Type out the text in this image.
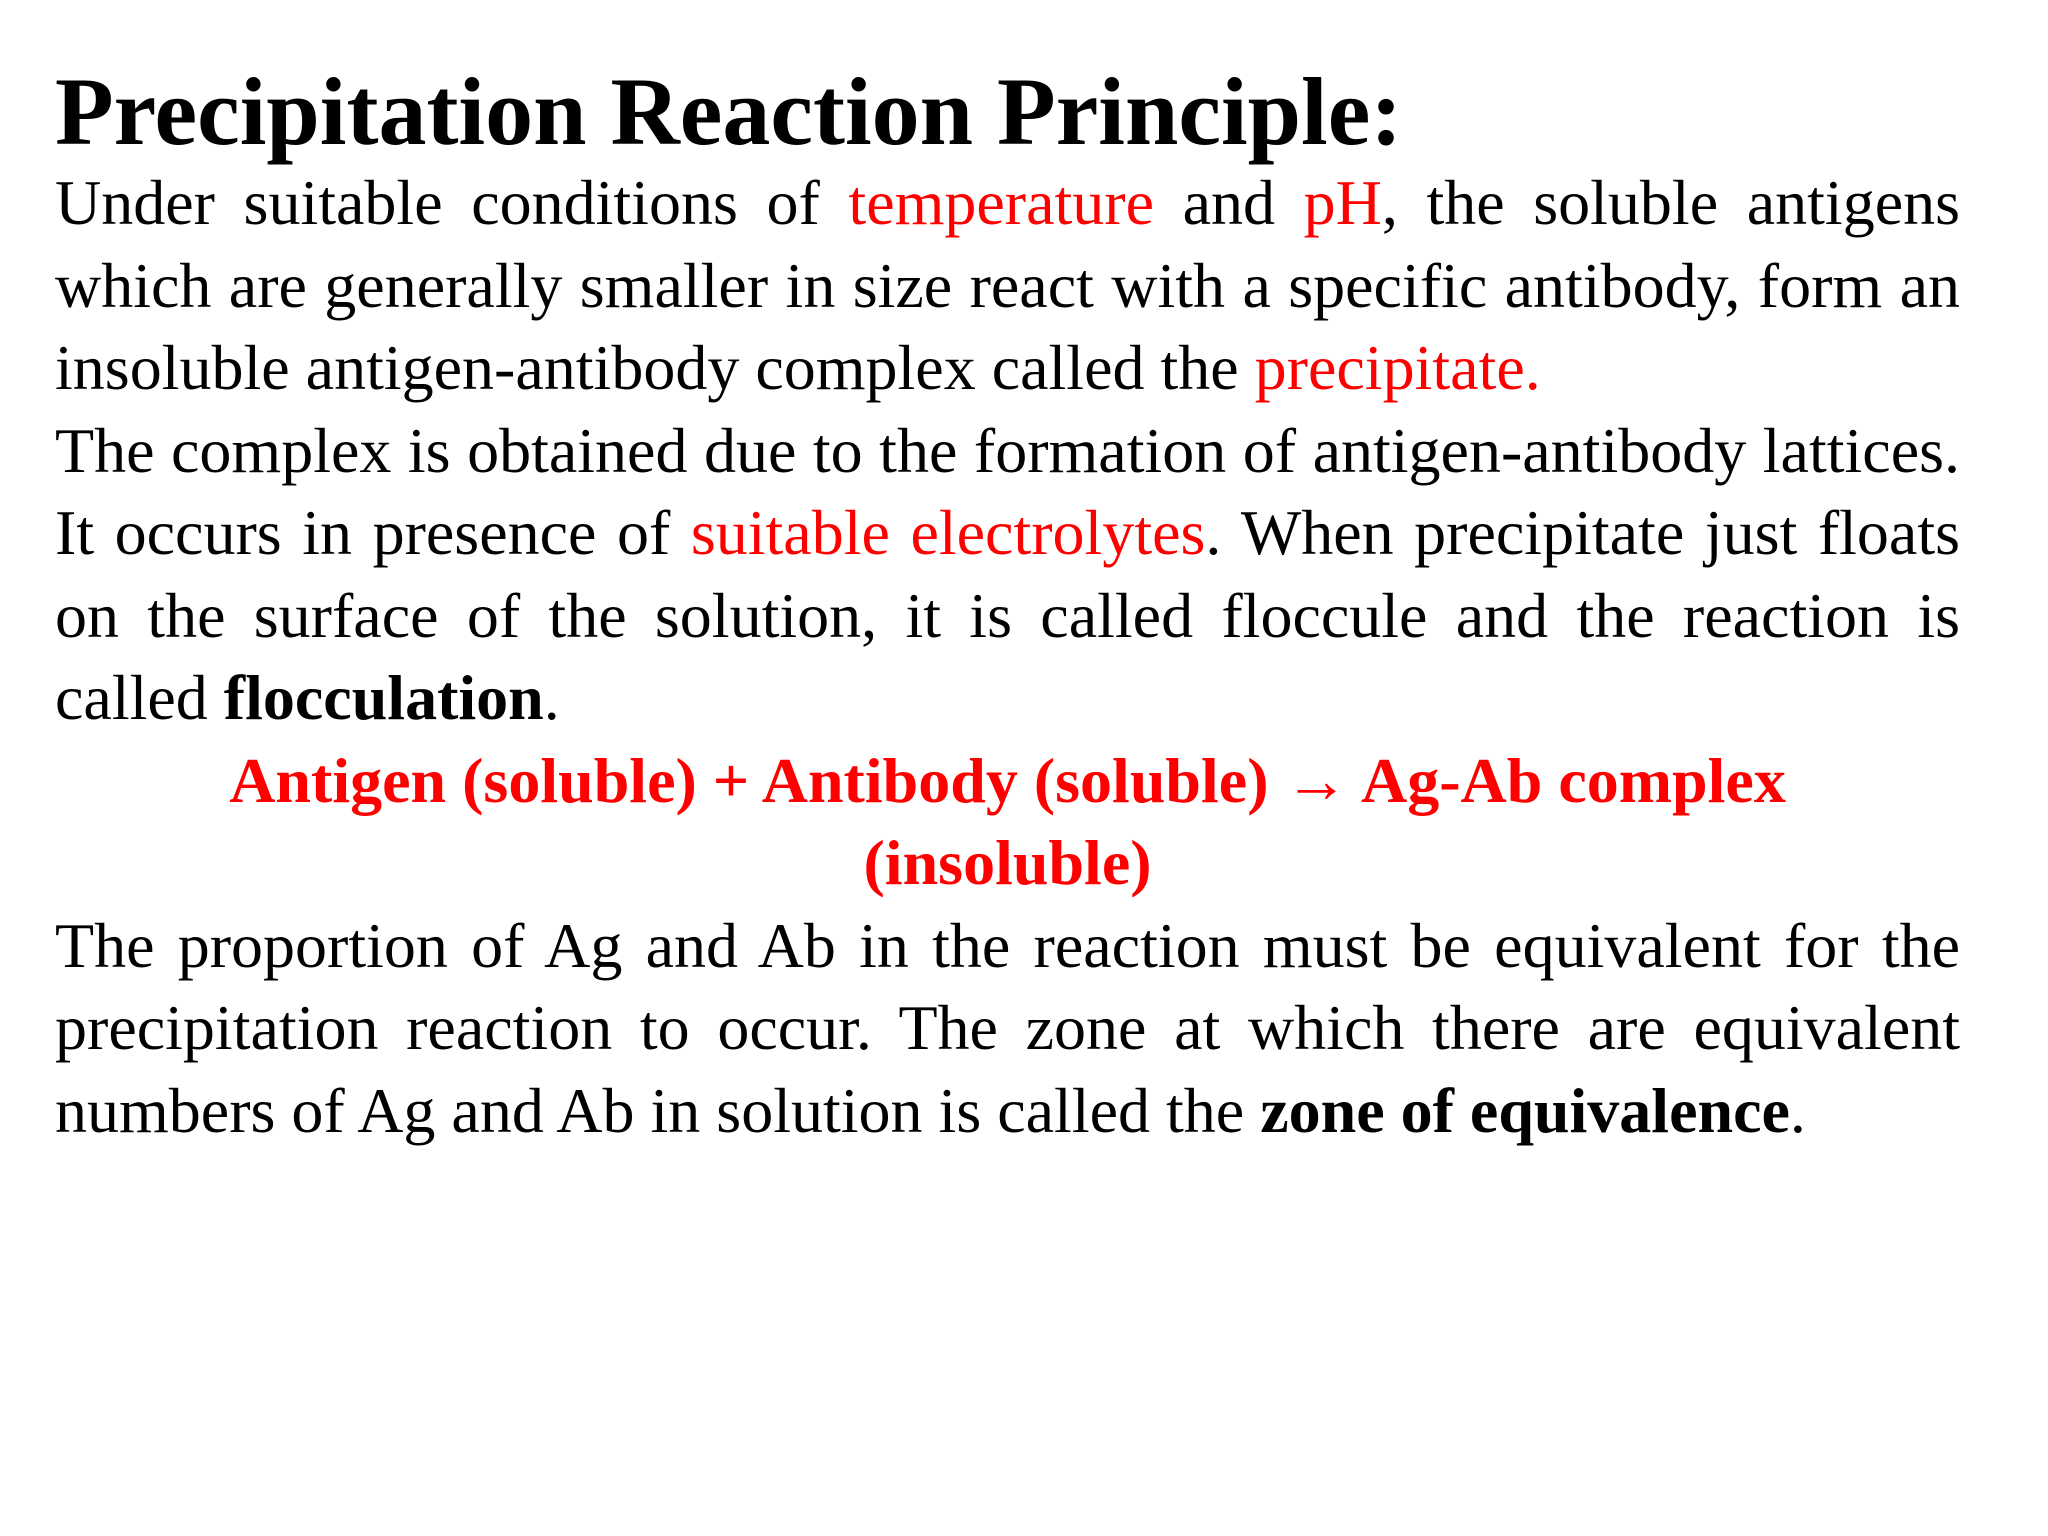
Precipitation Reaction Principle:

Under suitable conditions of temperature and pH, the soluble antigens which are generally smaller in size react with a specific antibody, form an insoluble antigen-antibody complex called the precipitate.

The complex is obtained due to the formation of antigen-antibody lattices. It occurs in presence of suitable electrolytes. When precipitate just floats on the surface of the solution, it is called floccule and the reaction is called flocculation.

Antigen (soluble) + Antibody (soluble) → Ag-Ab complex
(insoluble)

The proportion of Ag and Ab in the reaction must be equivalent for the precipitation reaction to occur. The zone at which there are equivalent numbers of Ag and Ab in solution is called the zone of equivalence.
